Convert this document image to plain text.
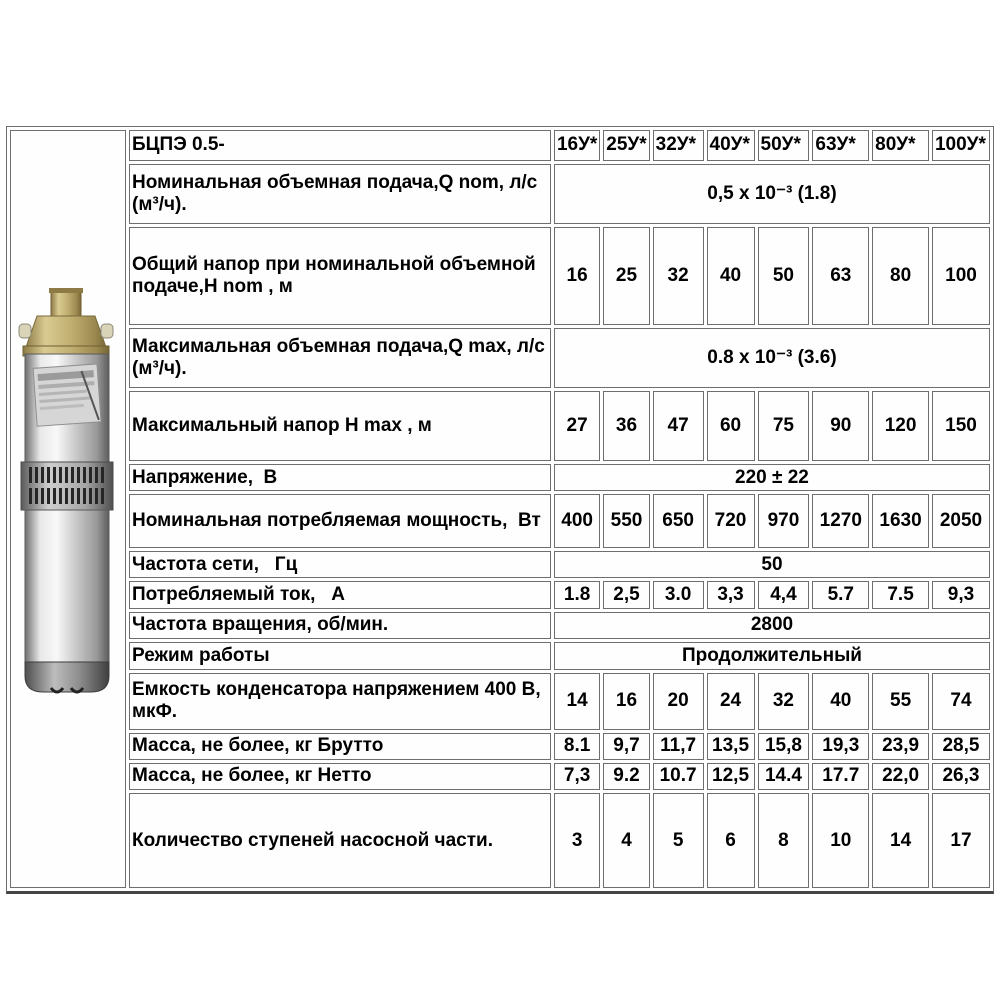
	БЦПЭ 0.5-	16У*	25У*	32У*	40У*	50У*	63У*	80У*	100У*
	Номинальная объемная подача,Q nom, л/с (м³/ч).	0,5 x 10⁻³ (1.8)							
	Общий напор при номинальной объемной подаче,H nom , м	16	25	32	40	50	63	80	100
	Максимальная объемная подача,Q max, л/с (м³/ч).	0.8 x 10⁻³ (3.6)							
	Максимальный напор H max , м	27	36	47	60	75	90	120	150
	Напряжение,  В	220 ± 22							
	Номинальная потребляемая мощность,  Вт	400	550	650	720	970	1270	1630	2050
	Частота сети,   Гц	50							
	Потребляемый ток,   А	1.8	2,5	3.0	3,3	4,4	5.7	7.5	9,3
	Частота вращения, об/мин.	2800							
	Режим работы	Продолжительный							
	Емкость конденсатора напряжением 400 В, мкФ.	14	16	20	24	32	40	55	74
	Масса, не более, кг Брутто	8.1	9,7	11,7	13,5	15,8	19,3	23,9	28,5
	Масса, не более, кг Нетто	7,3	9.2	10.7	12,5	14.4	17.7	22,0	26,3
	Количество ступеней насосной части.	3	4	5	6	8	10	14	17
